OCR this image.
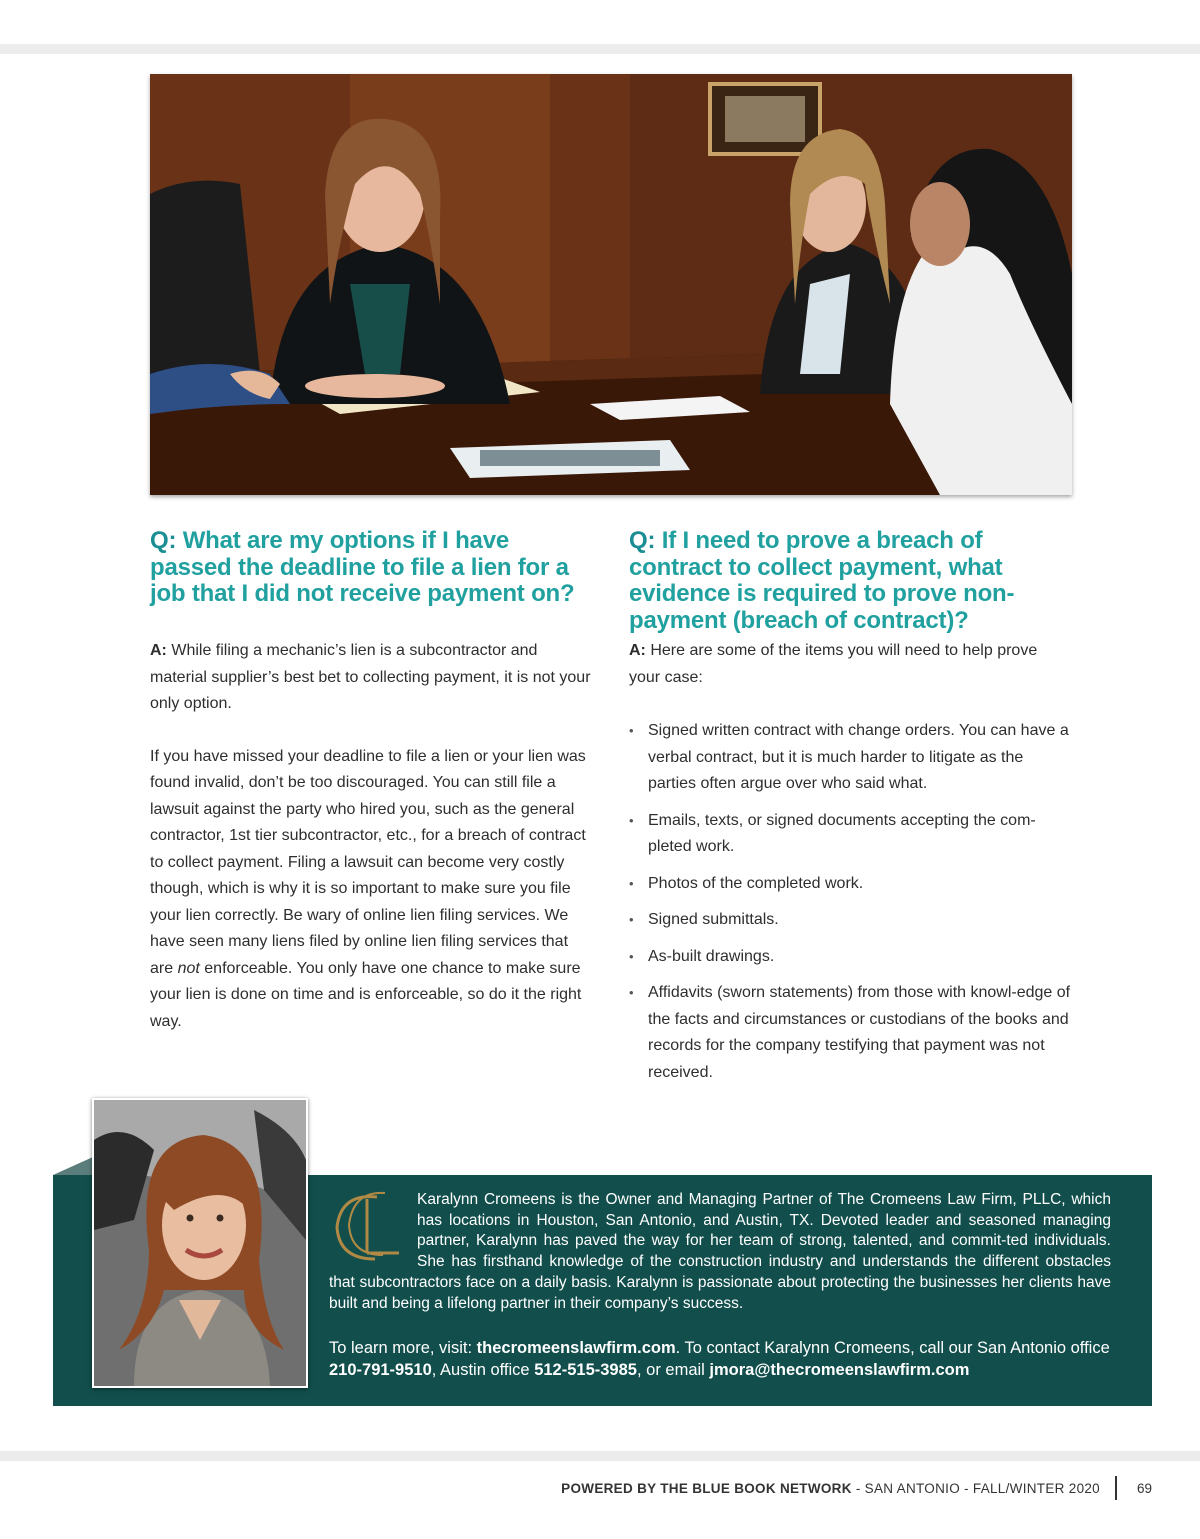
Q: What are my options if I have passed the deadline to file a lien for a job that I did not receive payment on?

A: While filing a mechanic’s lien is a subcontractor and material supplier’s best bet to collecting payment, it is not your only option.

If you have missed your deadline to file a lien or your lien was found invalid, don’t be too discouraged. You can still file a lawsuit against the party who hired you, such as the general contractor, 1st tier subcontractor, etc., for a breach of contract to collect payment. Filing a lawsuit can become very costly though, which is why it is so important to make sure you file your lien correctly. Be wary of online lien filing services. We have seen many liens filed by online lien filing services that are not enforceable. You only have one chance to make sure your lien is done on time and is enforceable, so do it the right way.

Q: If I need to prove a breach of contract to collect payment, what evidence is required to prove non-payment (breach of contract)?

A: Here are some of the items you will need to help prove your case:

• Signed written contract with change orders. You can have a verbal contract, but it is much harder to litigate as the parties often argue over who said what.
• Emails, texts, or signed documents accepting the com-pleted work.
• Photos of the completed work.
• Signed submittals.
• As-built drawings.
• Affidavits (sworn statements) from those with knowl-edge of the facts and circumstances or custodians of the books and records for the company testifying that payment was not received.
Karalynn Cromeens is the Owner and Managing Partner of The Cromeens Law Firm, PLLC, which has locations in Houston, San Antonio, and Austin, TX. Devoted leader and seasoned managing partner, Karalynn has paved the way for her team of strong, talented, and commit-ted individuals. She has firsthand knowledge of the construction industry and understands the different obstacles that subcontractors face on a daily basis. Karalynn is passionate about protecting the businesses her clients have built and being a lifelong partner in their company’s success.
To learn more, visit: thecromeenslawfirm.com. To contact Karalynn Cromeens, call our San Antonio office 210-791-9510, Austin office 512-515-3985, or email jmora@thecromeenslawfirm.com
POWERED BY THE BLUE BOOK NETWORK - SAN ANTONIO - FALL/WINTER 2020	69
